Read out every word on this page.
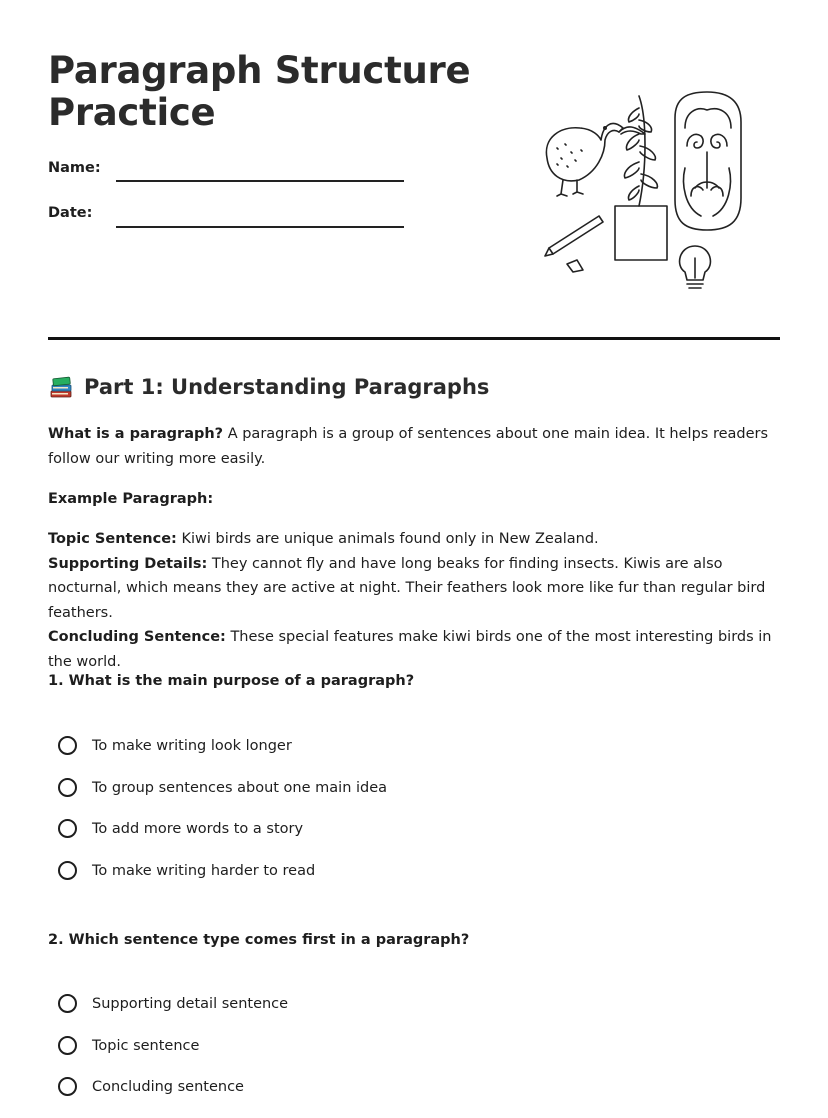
Paragraph Structure
Practice
Name:
Date:
Part 1: Understanding Paragraphs

What is a paragraph? A paragraph is a group of sentences about one main idea. It helps readers follow our writing more easily.

Example Paragraph:

Topic Sentence: Kiwi birds are unique animals found only in New Zealand.
Supporting Details: They cannot fly and have long beaks for finding insects. Kiwis are also nocturnal, which means they are active at night. Their feathers look more like fur than regular bird feathers.
Concluding Sentence: These special features make kiwi birds one of the most interesting birds in the world.

1. What is the main purpose of a paragraph?

To make writing look longer
To group sentences about one main idea
To add more words to a story
To make writing harder to read

2. Which sentence type comes first in a paragraph?

Supporting detail sentence
Topic sentence
Concluding sentence
